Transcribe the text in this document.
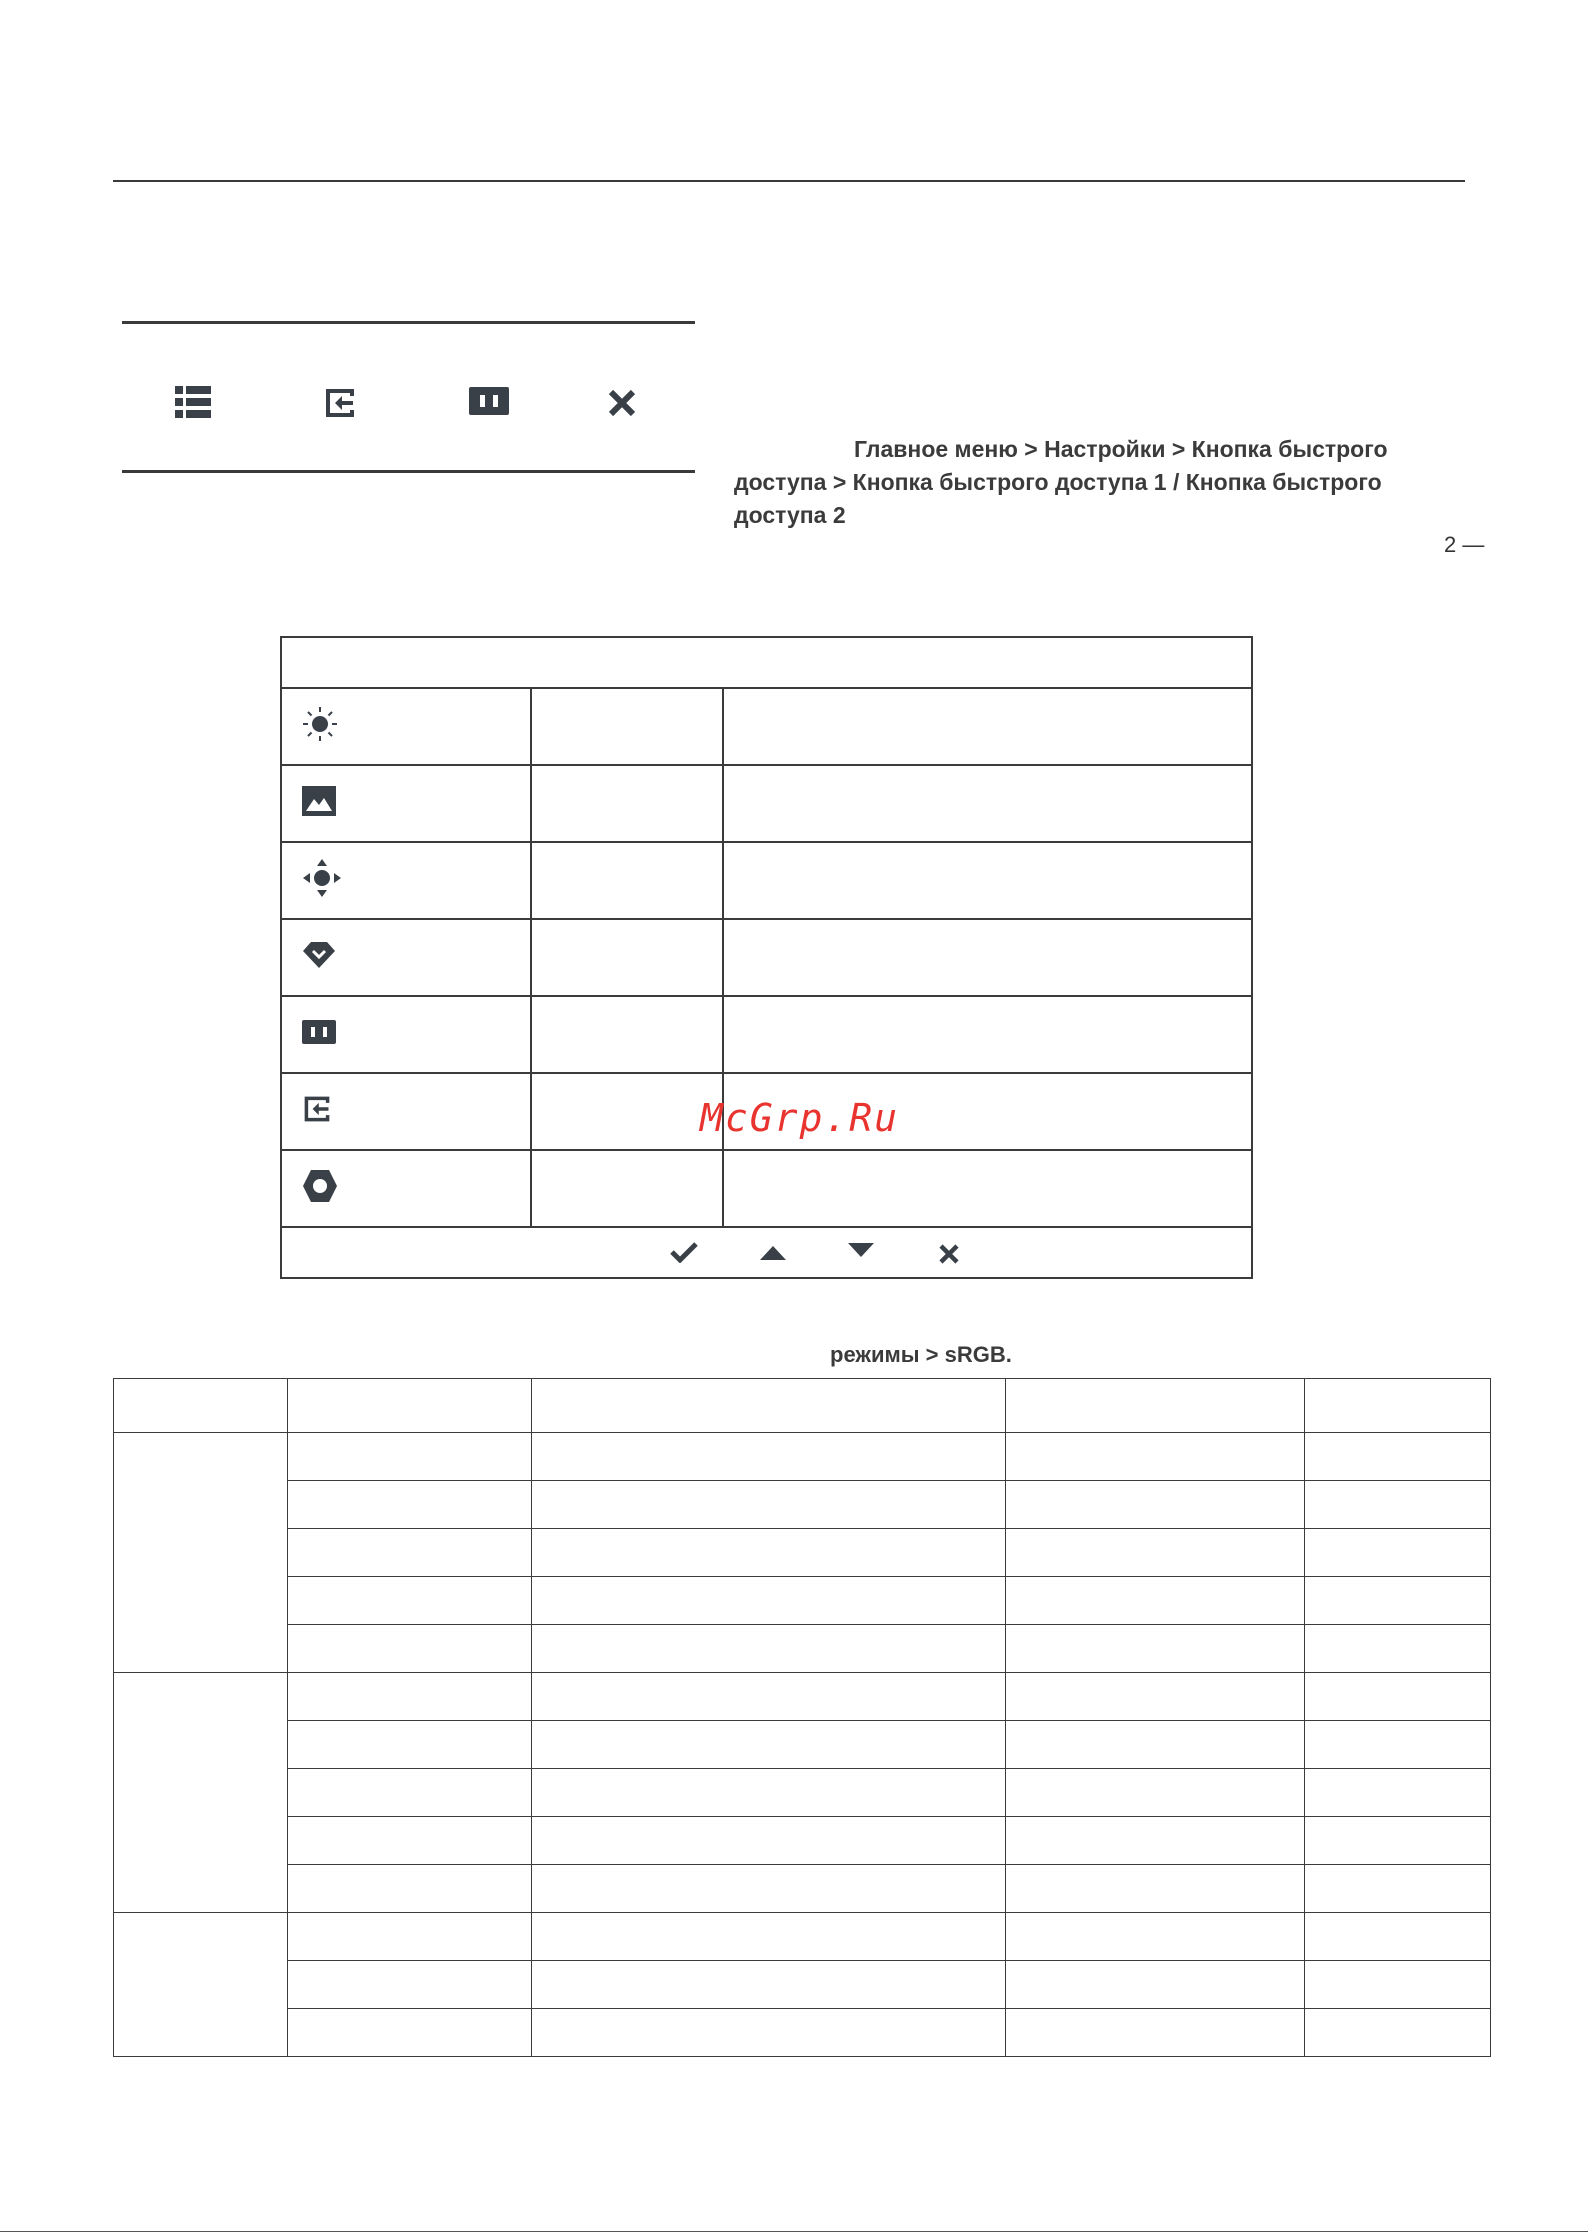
Главное меню > Настройки > Кнопка быстрого доступа > Кнопка быстрого доступа 1 / Кнопка быстрого доступа 2
2 —

McGrp.Ru
режимы > sRGB.
